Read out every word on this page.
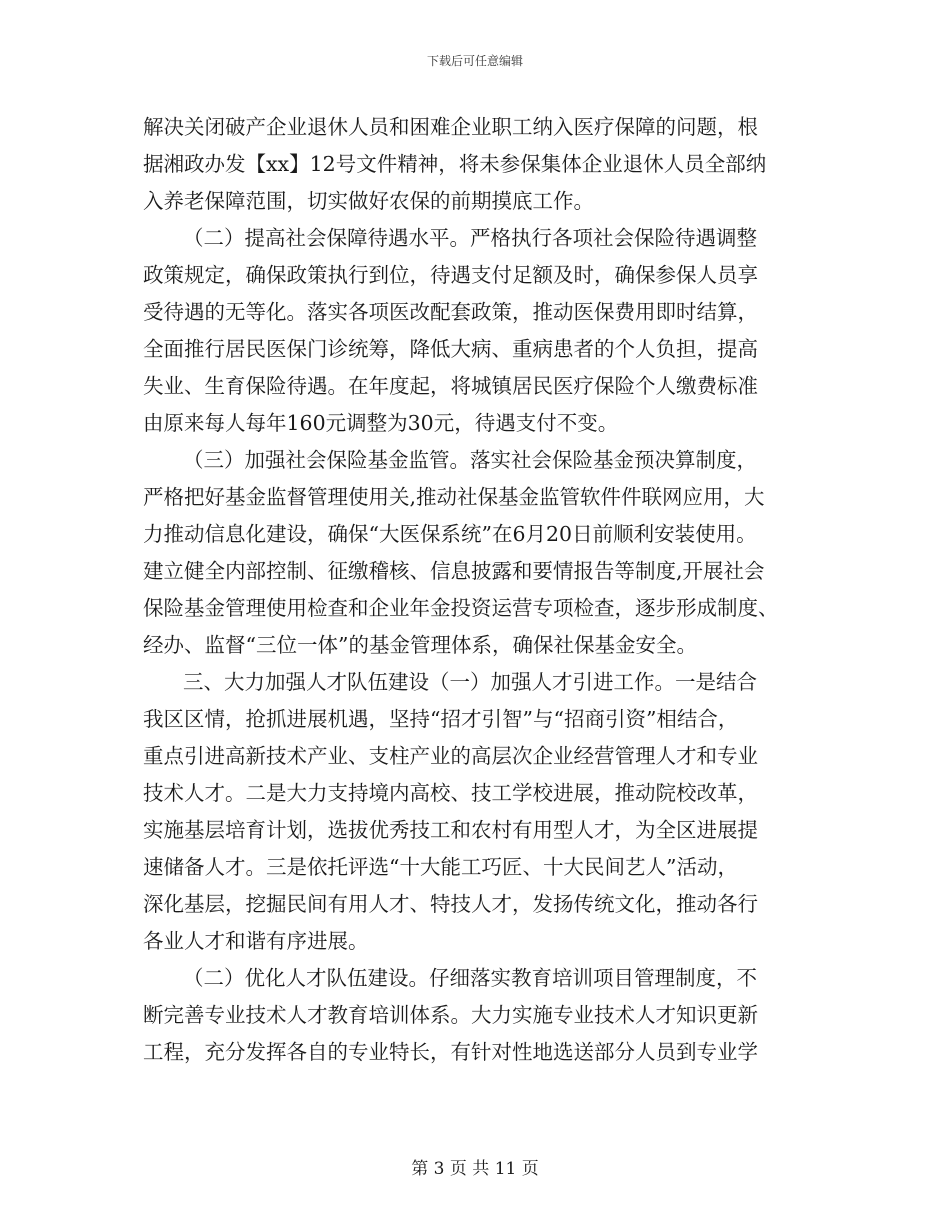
下载后可任意编辑
解决关闭破产企业退休人员和困难企业职工纳入医疗保障的问题，根
据湘政办发【xx】12号文件精神，将未参保集体企业退休人员全部纳
入养老保障范围，切实做好农保的前期摸底工作。
（二）提高社会保障待遇水平。严格执行各项社会保险待遇调整
政策规定，确保政策执行到位，待遇支付足额及时，确保参保人员享
受待遇的无等化。落实各项医改配套政策，推动医保费用即时结算，
全面推行居民医保门诊统筹，降低大病、重病患者的个人负担，提高
失业、生育保险待遇。在年度起，将城镇居民医疗保险个人缴费标准
由原来每人每年160元调整为30元，待遇支付不变。
（三）加强社会保险基金监管。落实社会保险基金预决算制度，
严格把好基金监督管理使用关,推动社保基金监管软件件联网应用，大
力推动信息化建设，确保“大医保系统”在6月20日前顺利安装使用。
建立健全内部控制、征缴稽核、信息披露和要情报告等制度,开展社会
保险基金管理使用检查和企业年金投资运营专项检查，逐步形成制度、
经办、监督“三位一体”的基金管理体系，确保社保基金安全。
三、大力加强人才队伍建设（一）加强人才引进工作。一是结合
我区区情，抢抓进展机遇，坚持“招才引智”与“招商引资”相结合，
重点引进高新技术产业、支柱产业的高层次企业经营管理人才和专业
技术人才。二是大力支持境内高校、技工学校进展，推动院校改革，
实施基层培育计划，选拔优秀技工和农村有用型人才，为全区进展提
速储备人才。三是依托评选“十大能工巧匠、十大民间艺人”活动，
深化基层，挖掘民间有用人才、特技人才，发扬传统文化，推动各行
各业人才和谐有序进展。
（二）优化人才队伍建设。仔细落实教育培训项目管理制度，不
断完善专业技术人才教育培训体系。大力实施专业技术人才知识更新
工程，充分发挥各自的专业特长，有针对性地选送部分人员到专业学
第 3 页 共 11 页
